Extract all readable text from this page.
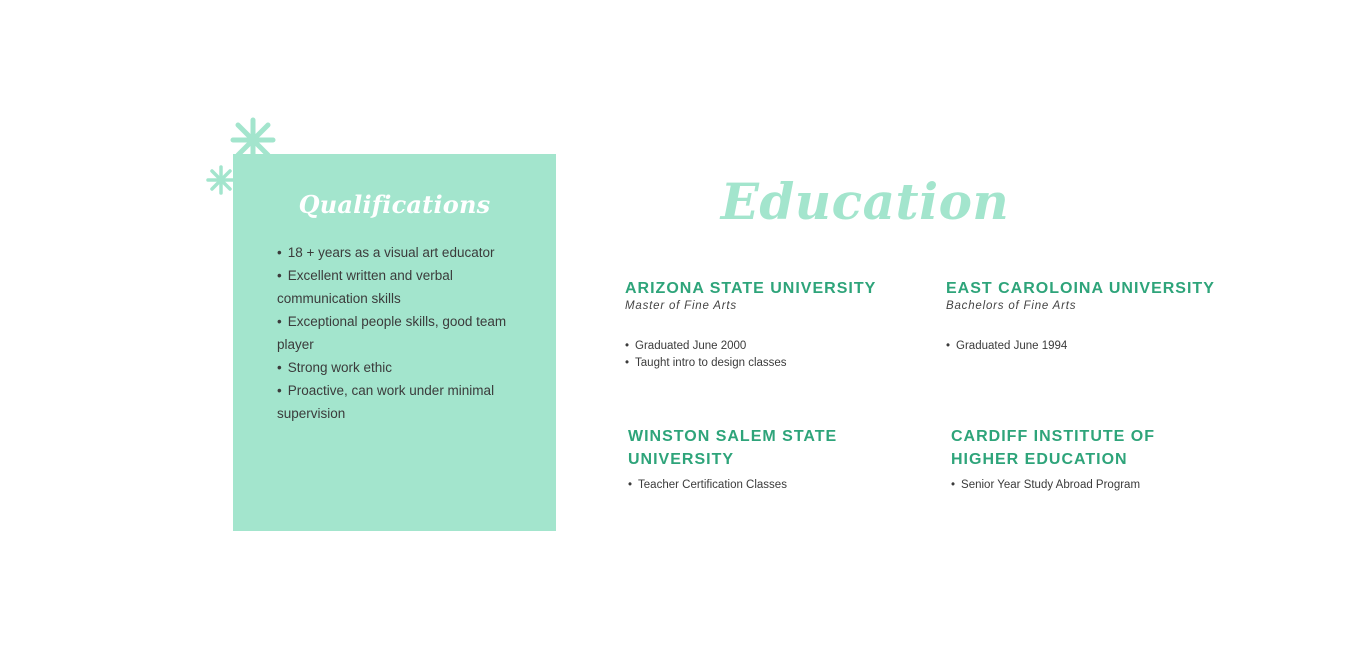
Qualifications
• 18 + years as a visual art educator
• Excellent written and verbal communication skills
• Exceptional people skills, good team player
• Strong work ethic
• Proactive, can work under minimal supervision
Education
ARIZONA STATE UNIVERSITY
Master of Fine Arts
• Graduated June 2000
• Taught intro to design classes
EAST CAROLOINA UNIVERSITY
Bachelors of Fine Arts
• Graduated June 1994
WINSTON SALEM STATE UNIVERSITY
• Teacher Certification Classes
CARDIFF INSTITUTE OF HIGHER EDUCATION
• Senior Year Study Abroad Program
